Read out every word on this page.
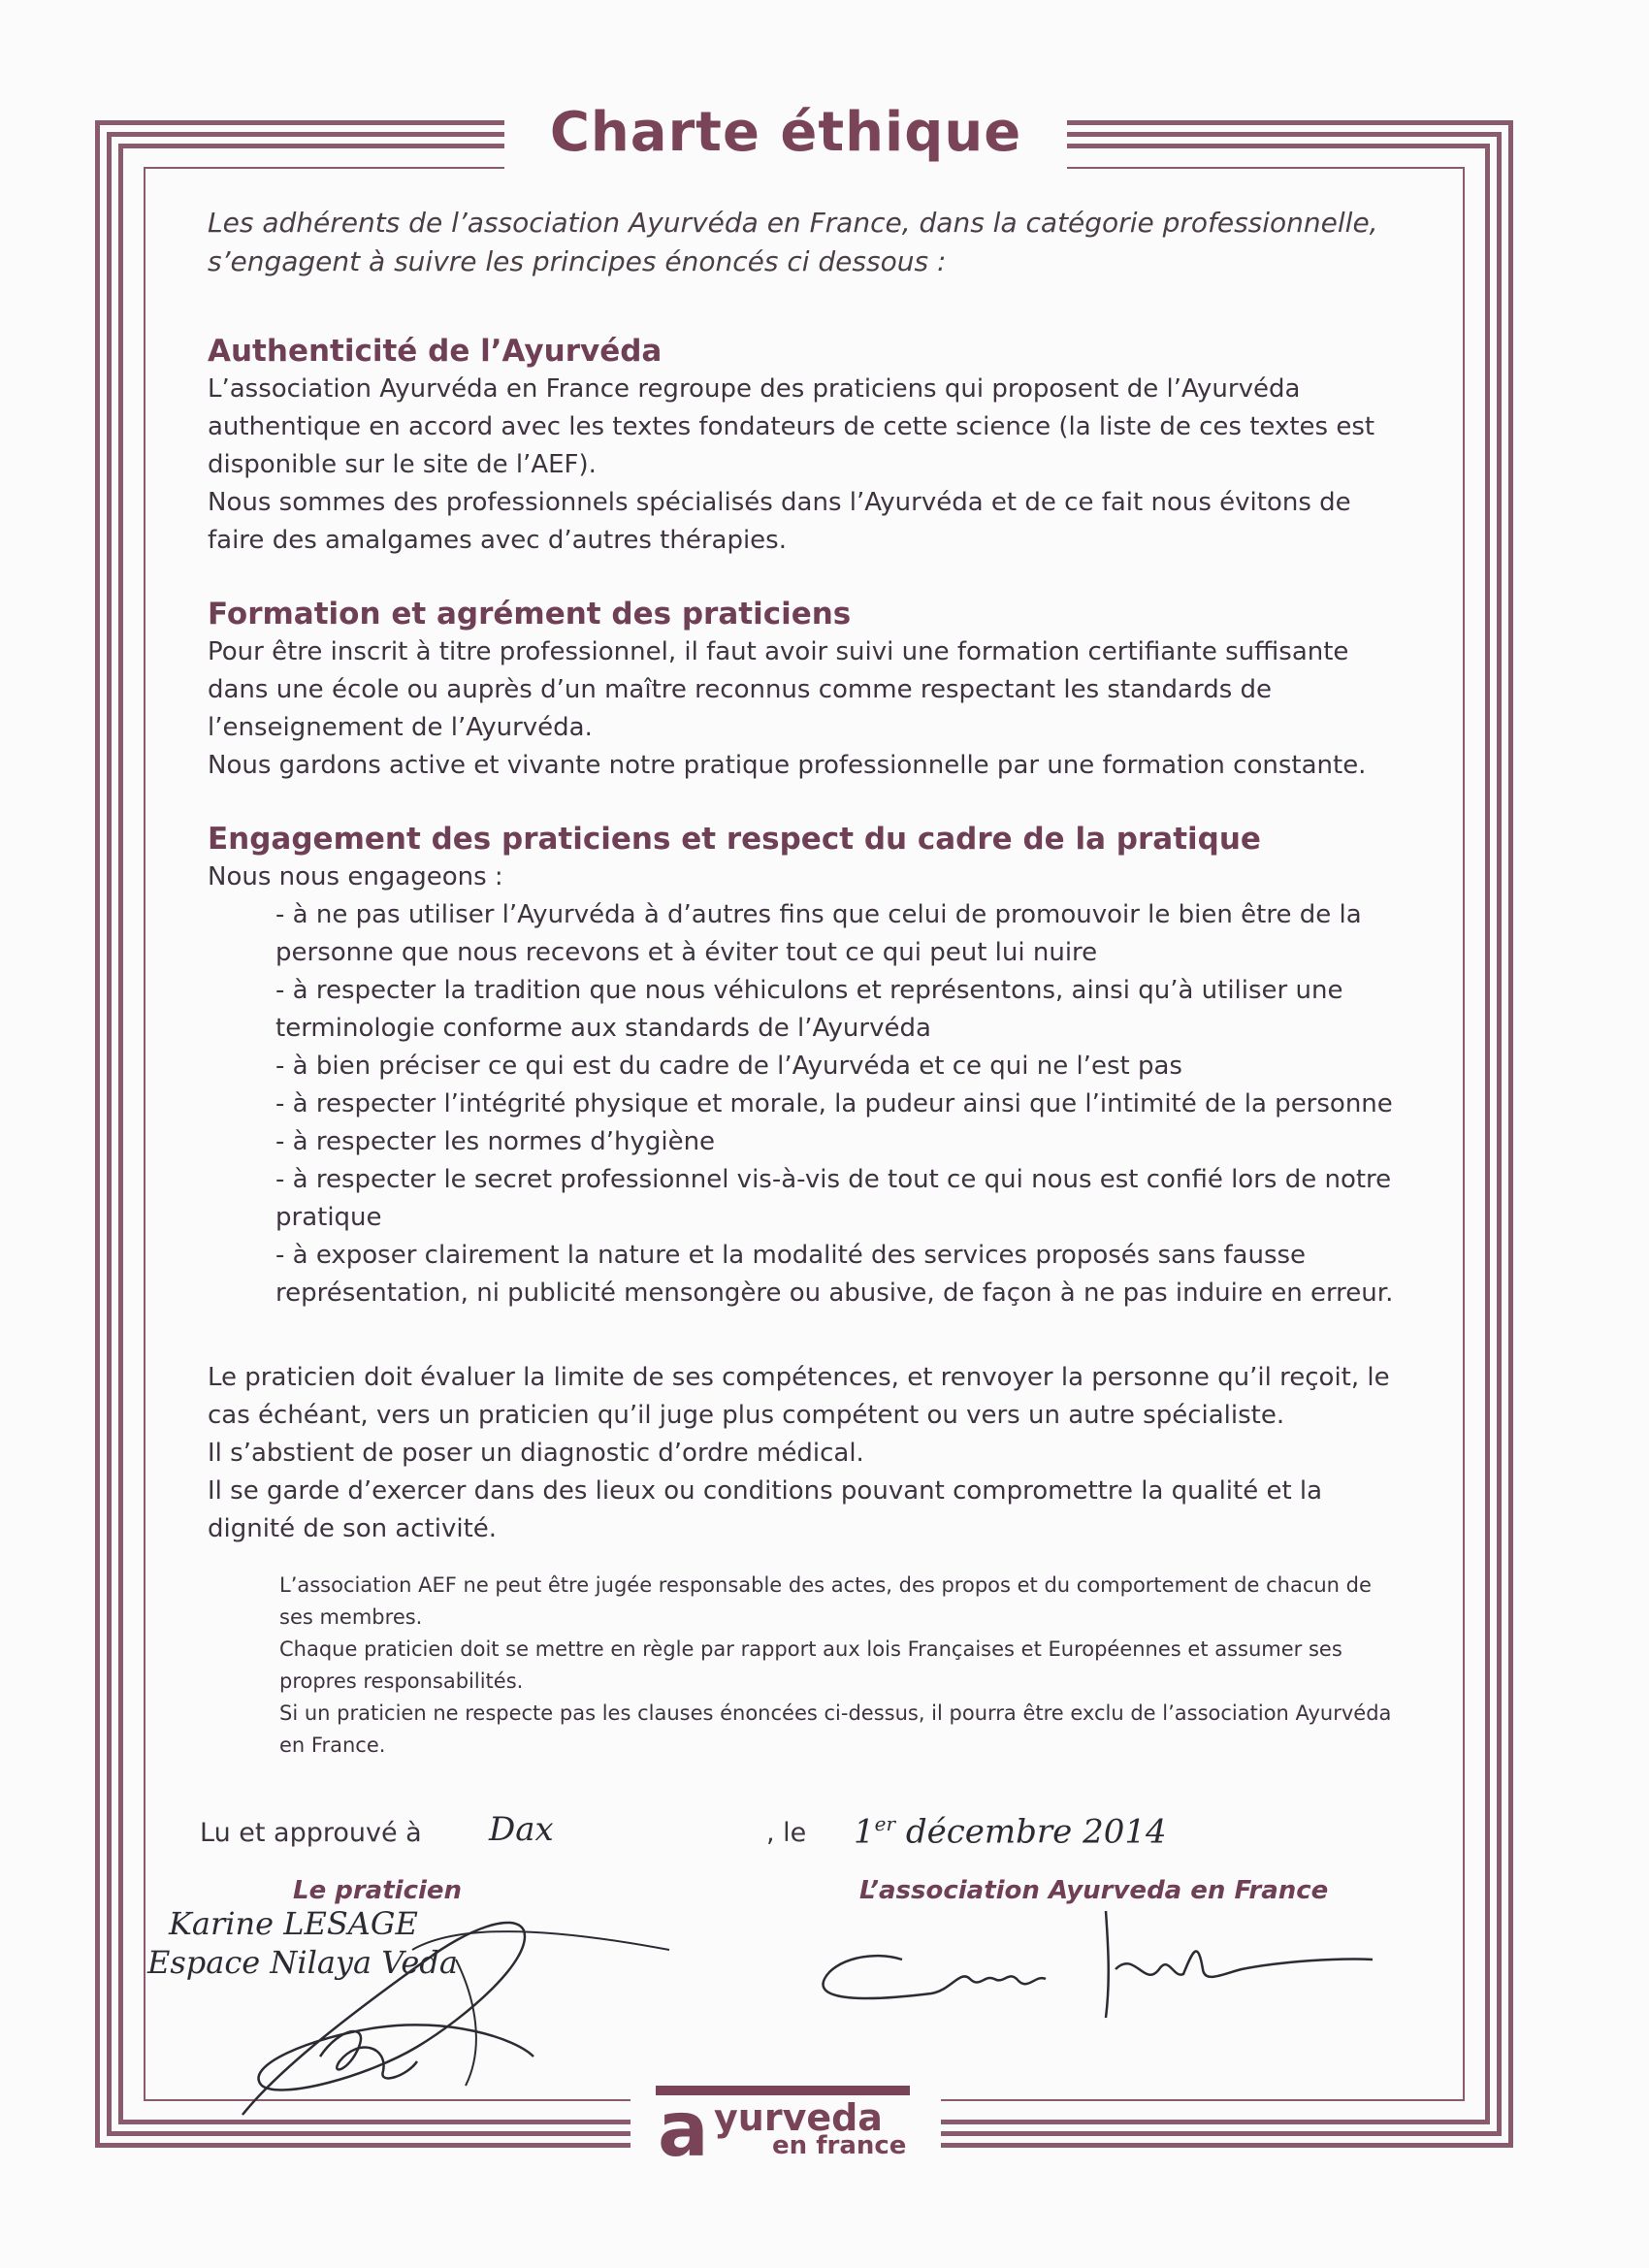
Charte éthique

Les adhérents de l’association Ayurvéda en France, dans la catégorie professionnelle, s’engagent à suivre les principes énoncés ci dessous :

Authenticité de l’Ayurvéda

L’association Ayurvéda en France regroupe des praticiens qui proposent de l’Ayurvéda authentique en accord avec les textes fondateurs de cette science (la liste de ces textes est disponible sur le site de l’AEF).

Nous sommes des professionnels spécialisés dans l’Ayurvéda et de ce fait nous évitons de faire des amalgames avec d’autres thérapies.

Formation et agrément des praticiens

Pour être inscrit à titre professionnel, il faut avoir suivi une formation certifiante suffisante dans une école ou auprès d’un maître reconnus comme respectant les standards de l’enseignement de l’Ayurvéda.

Nous gardons active et vivante notre pratique professionnelle par une formation constante.

Engagement des praticiens et respect du cadre de la pratique

Nous nous engageons :

- à ne pas utiliser l’Ayurvéda à d’autres fins que celui de promouvoir le bien être de la personne que nous recevons et à éviter tout ce qui peut lui nuire
- à respecter la tradition que nous véhiculons et représentons, ainsi qu’à utiliser une terminologie conforme aux standards de l’Ayurvéda
- à bien préciser ce qui est du cadre de l’Ayurvéda et ce qui ne l’est pas
- à respecter l’intégrité physique et morale, la pudeur ainsi que l’intimité de la personne
- à respecter les normes d’hygiène
- à respecter le secret professionnel vis-à-vis de tout ce qui nous est confié lors de notre pratique
- à exposer clairement la nature et la modalité des services proposés sans fausse représentation, ni publicité mensongère ou abusive, de façon à ne pas induire en erreur.

Le praticien doit évaluer la limite de ses compétences, et renvoyer la personne qu’il reçoit, le cas échéant, vers un praticien qu’il juge plus compétent ou vers un autre spécialiste.

Il s’abstient de poser un diagnostic d’ordre médical.

Il se garde d’exercer dans des lieux ou conditions pouvant compromettre la qualité et la dignité de son activité.

L’association AEF ne peut être jugée responsable des actes, des propos et du comportement de chacun de ses membres.
Chaque praticien doit se mettre en règle par rapport aux lois Françaises et Européennes et assumer ses propres responsabilités.
Si un praticien ne respecte pas les clauses énoncées ci-dessus, il pourra être exclu de l’association Ayurvéda en France.
Lu et approuvé à Dax	, le 1er décembre 2014
Le praticien	L’association Ayurveda en France
Karine LESAGE
Espace Nilaya Veda
a yurveda
en france
